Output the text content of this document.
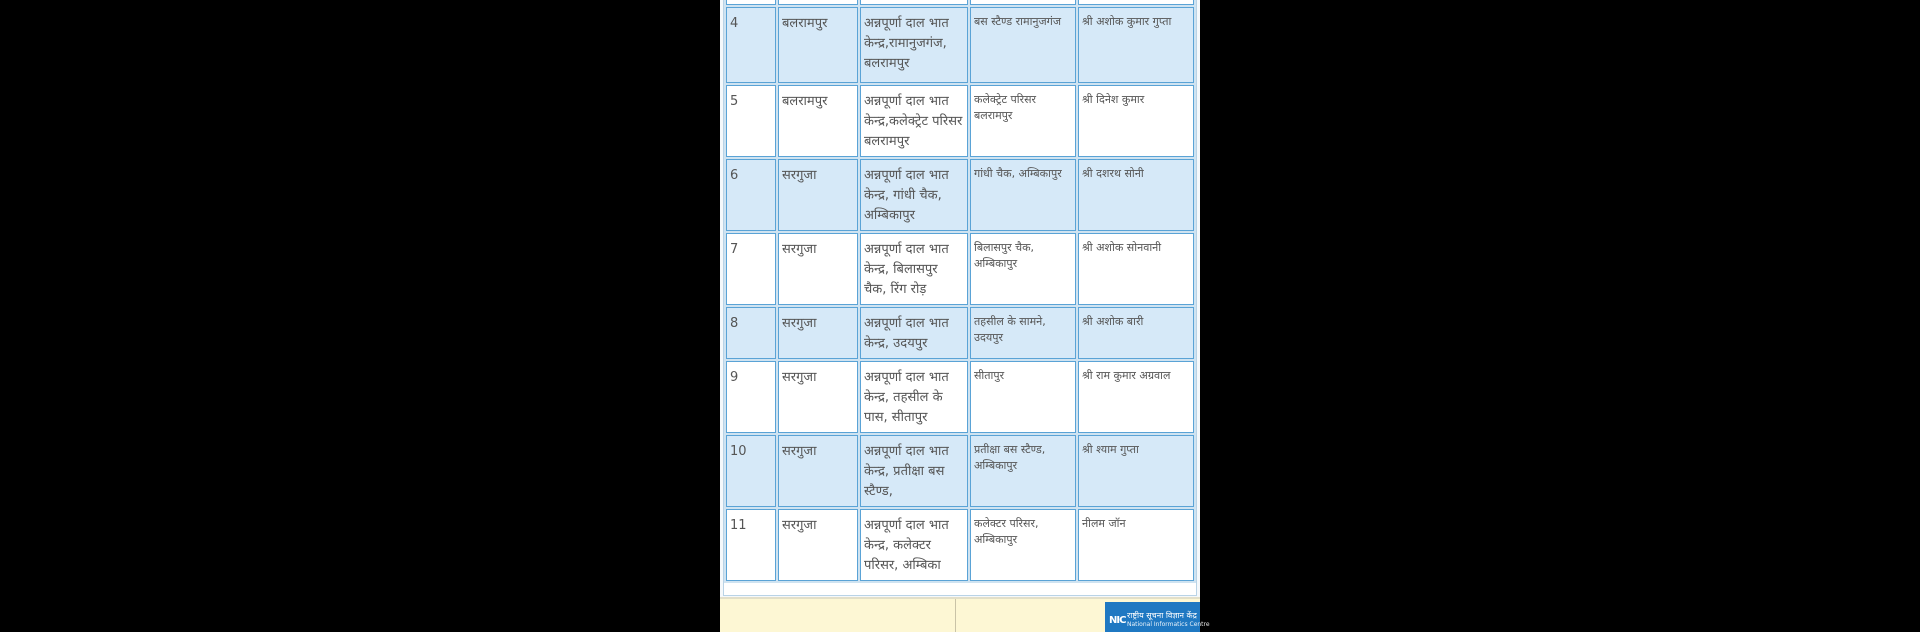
4	बलरामपुर	अन्नपूर्णा दाल भात केन्द्र,रामानुजगंज, बलरामपुर	बस स्टैण्ड रामानुजगंज	श्री अशोक कुमार गुप्ता
5	बलरामपुर	अन्नपूर्णा दाल भात केन्द्र,कलेक्ट्रेट परिसर बलरामपुर	कलेक्ट्रेट परिसर बलरामपुर	श्री दिनेश कुमार
6	सरगुजा	अन्नपूर्णा दाल भात केन्द्र, गांधी चैक, अम्बिकापुर	गांधी चैक, अम्बिकापुर	श्री दशरथ सोनी
7	सरगुजा	अन्नपूर्णा दाल भात केन्द्र, बिलासपुर चैक, रिंग रोड़	बिलासपुर चैक, अम्बिकापुर	श्री अशोक सोनवानी
8	सरगुजा	अन्नपूर्णा दाल भात केन्द्र, उदयपुर	तहसील के सामने, उदयपुर	श्री अशोक बारी
9	सरगुजा	अन्नपूर्णा दाल भात केन्द्र, तहसील के पास, सीतापुर	सीतापुर	श्री राम कुमार अग्रवाल
10	सरगुजा	अन्नपूर्णा दाल भात केन्द्र, प्रतीक्षा बस स्टैण्ड,	प्रतीक्षा बस स्टैण्ड, अम्बिकापुर	श्री श्याम गुप्ता
11	सरगुजा	अन्नपूर्णा दाल भात केन्द्र, कलेक्टर परिसर, अम्बिका	कलेक्टर परिसर, अम्बिकापुर	नीलम जॉन
NIC राष्ट्रीय सूचना विज्ञान केंद्र
National Informatics Centre
